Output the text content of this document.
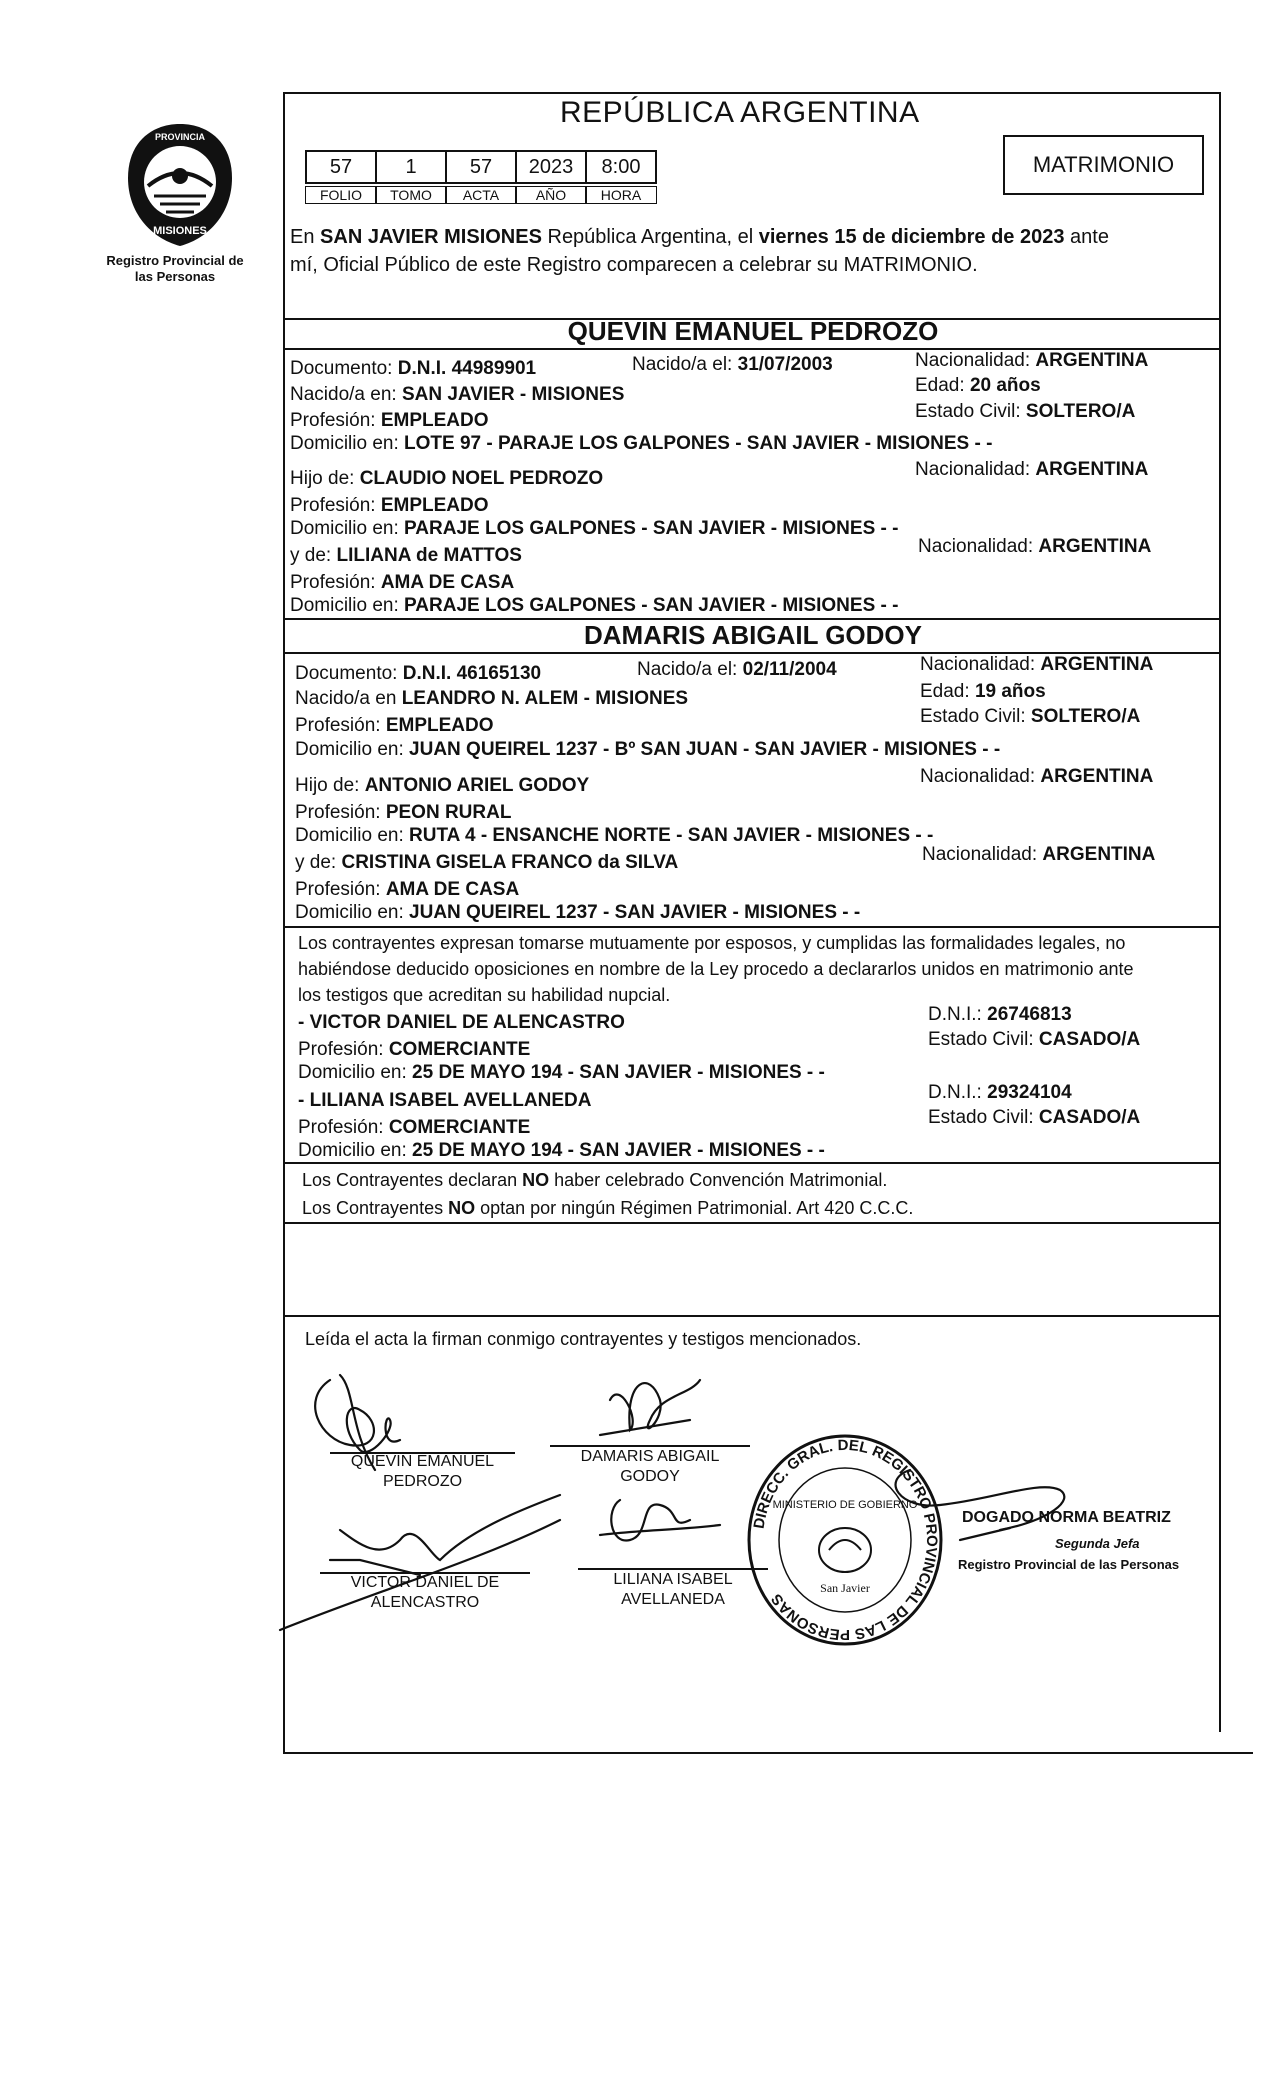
PROVINCIA
MISIONES
Registro Provincial de las Personas
REPÚBLICA ARGENTINA
MATRIMONIO
57	1	57	2023	8:00
FOLIO	TOMO	ACTA	AÑO	HORA
En SAN JAVIER MISIONES República Argentina, el viernes 15 de diciembre de 2023 ante
mí, Oficial Público de este Registro comparecen a celebrar su MATRIMONIO.
QUEVIN EMANUEL PEDROZO
Documento: D.N.I. 44989901	Nacido/a el: 31/07/2003	Nacionalidad: ARGENTINA
Nacido/a en: SAN JAVIER - MISIONES	Edad: 20 años
Profesión: EMPLEADO	Estado Civil: SOLTERO/A
Domicilio en: LOTE 97 - PARAJE LOS GALPONES - SAN JAVIER - MISIONES - -
Hijo de: CLAUDIO NOEL PEDROZO	Nacionalidad: ARGENTINA
Profesión: EMPLEADO
Domicilio en: PARAJE LOS GALPONES - SAN JAVIER - MISIONES - -
y de: LILIANA de MATTOS	Nacionalidad: ARGENTINA
Profesión: AMA DE CASA
Domicilio en: PARAJE LOS GALPONES - SAN JAVIER - MISIONES - -
DAMARIS ABIGAIL GODOY
Documento: D.N.I. 46165130	Nacido/a el: 02/11/2004	Nacionalidad: ARGENTINA
Nacido/a en LEANDRO N. ALEM - MISIONES	Edad: 19 años
Profesión: EMPLEADO	Estado Civil: SOLTERO/A
Domicilio en: JUAN QUEIREL 1237 - Bº SAN JUAN - SAN JAVIER - MISIONES - -
Hijo de: ANTONIO ARIEL GODOY	Nacionalidad: ARGENTINA
Profesión: PEON RURAL
Domicilio en: RUTA 4 - ENSANCHE NORTE - SAN JAVIER - MISIONES - -
y de: CRISTINA GISELA FRANCO da SILVA	Nacionalidad: ARGENTINA
Profesión: AMA DE CASA
Domicilio en: JUAN QUEIREL 1237 - SAN JAVIER - MISIONES - -
Los contrayentes expresan tomarse mutuamente por esposos, y cumplidas las formalidades legales, no
habiéndose deducido oposiciones en nombre de la Ley procedo a declararlos unidos en matrimonio ante
los testigos que acreditan su habilidad nupcial.
- VICTOR DANIEL DE ALENCASTRO	D.N.I.: 26746813
Profesión: COMERCIANTE	Estado Civil: CASADO/A
Domicilio en: 25 DE MAYO 194 - SAN JAVIER - MISIONES - -
- LILIANA ISABEL AVELLANEDA	D.N.I.: 29324104
Profesión: COMERCIANTE	Estado Civil: CASADO/A
Domicilio en: 25 DE MAYO 194 - SAN JAVIER - MISIONES - -
Los Contrayentes declaran NO haber celebrado Convención Matrimonial.
Los Contrayentes NO optan por ningún Régimen Patrimonial. Art 420 C.C.C.
Leída el acta la firman conmigo contrayentes y testigos mencionados.
QUEVIN EMANUEL
PEDROZO
DAMARIS ABIGAIL
GODOY
VICTOR DANIEL DE
ALENCASTRO
LILIANA ISABEL
AVELLANEDA
DIRECC. GRAL. DEL REGISTRO PROVINCIAL DE LAS PERSONAS
MINISTERIO DE GOBIERNO
San Javier
DOGADO NORMA BEATRIZ
Segunda Jefa
Registro Provincial de las Personas
